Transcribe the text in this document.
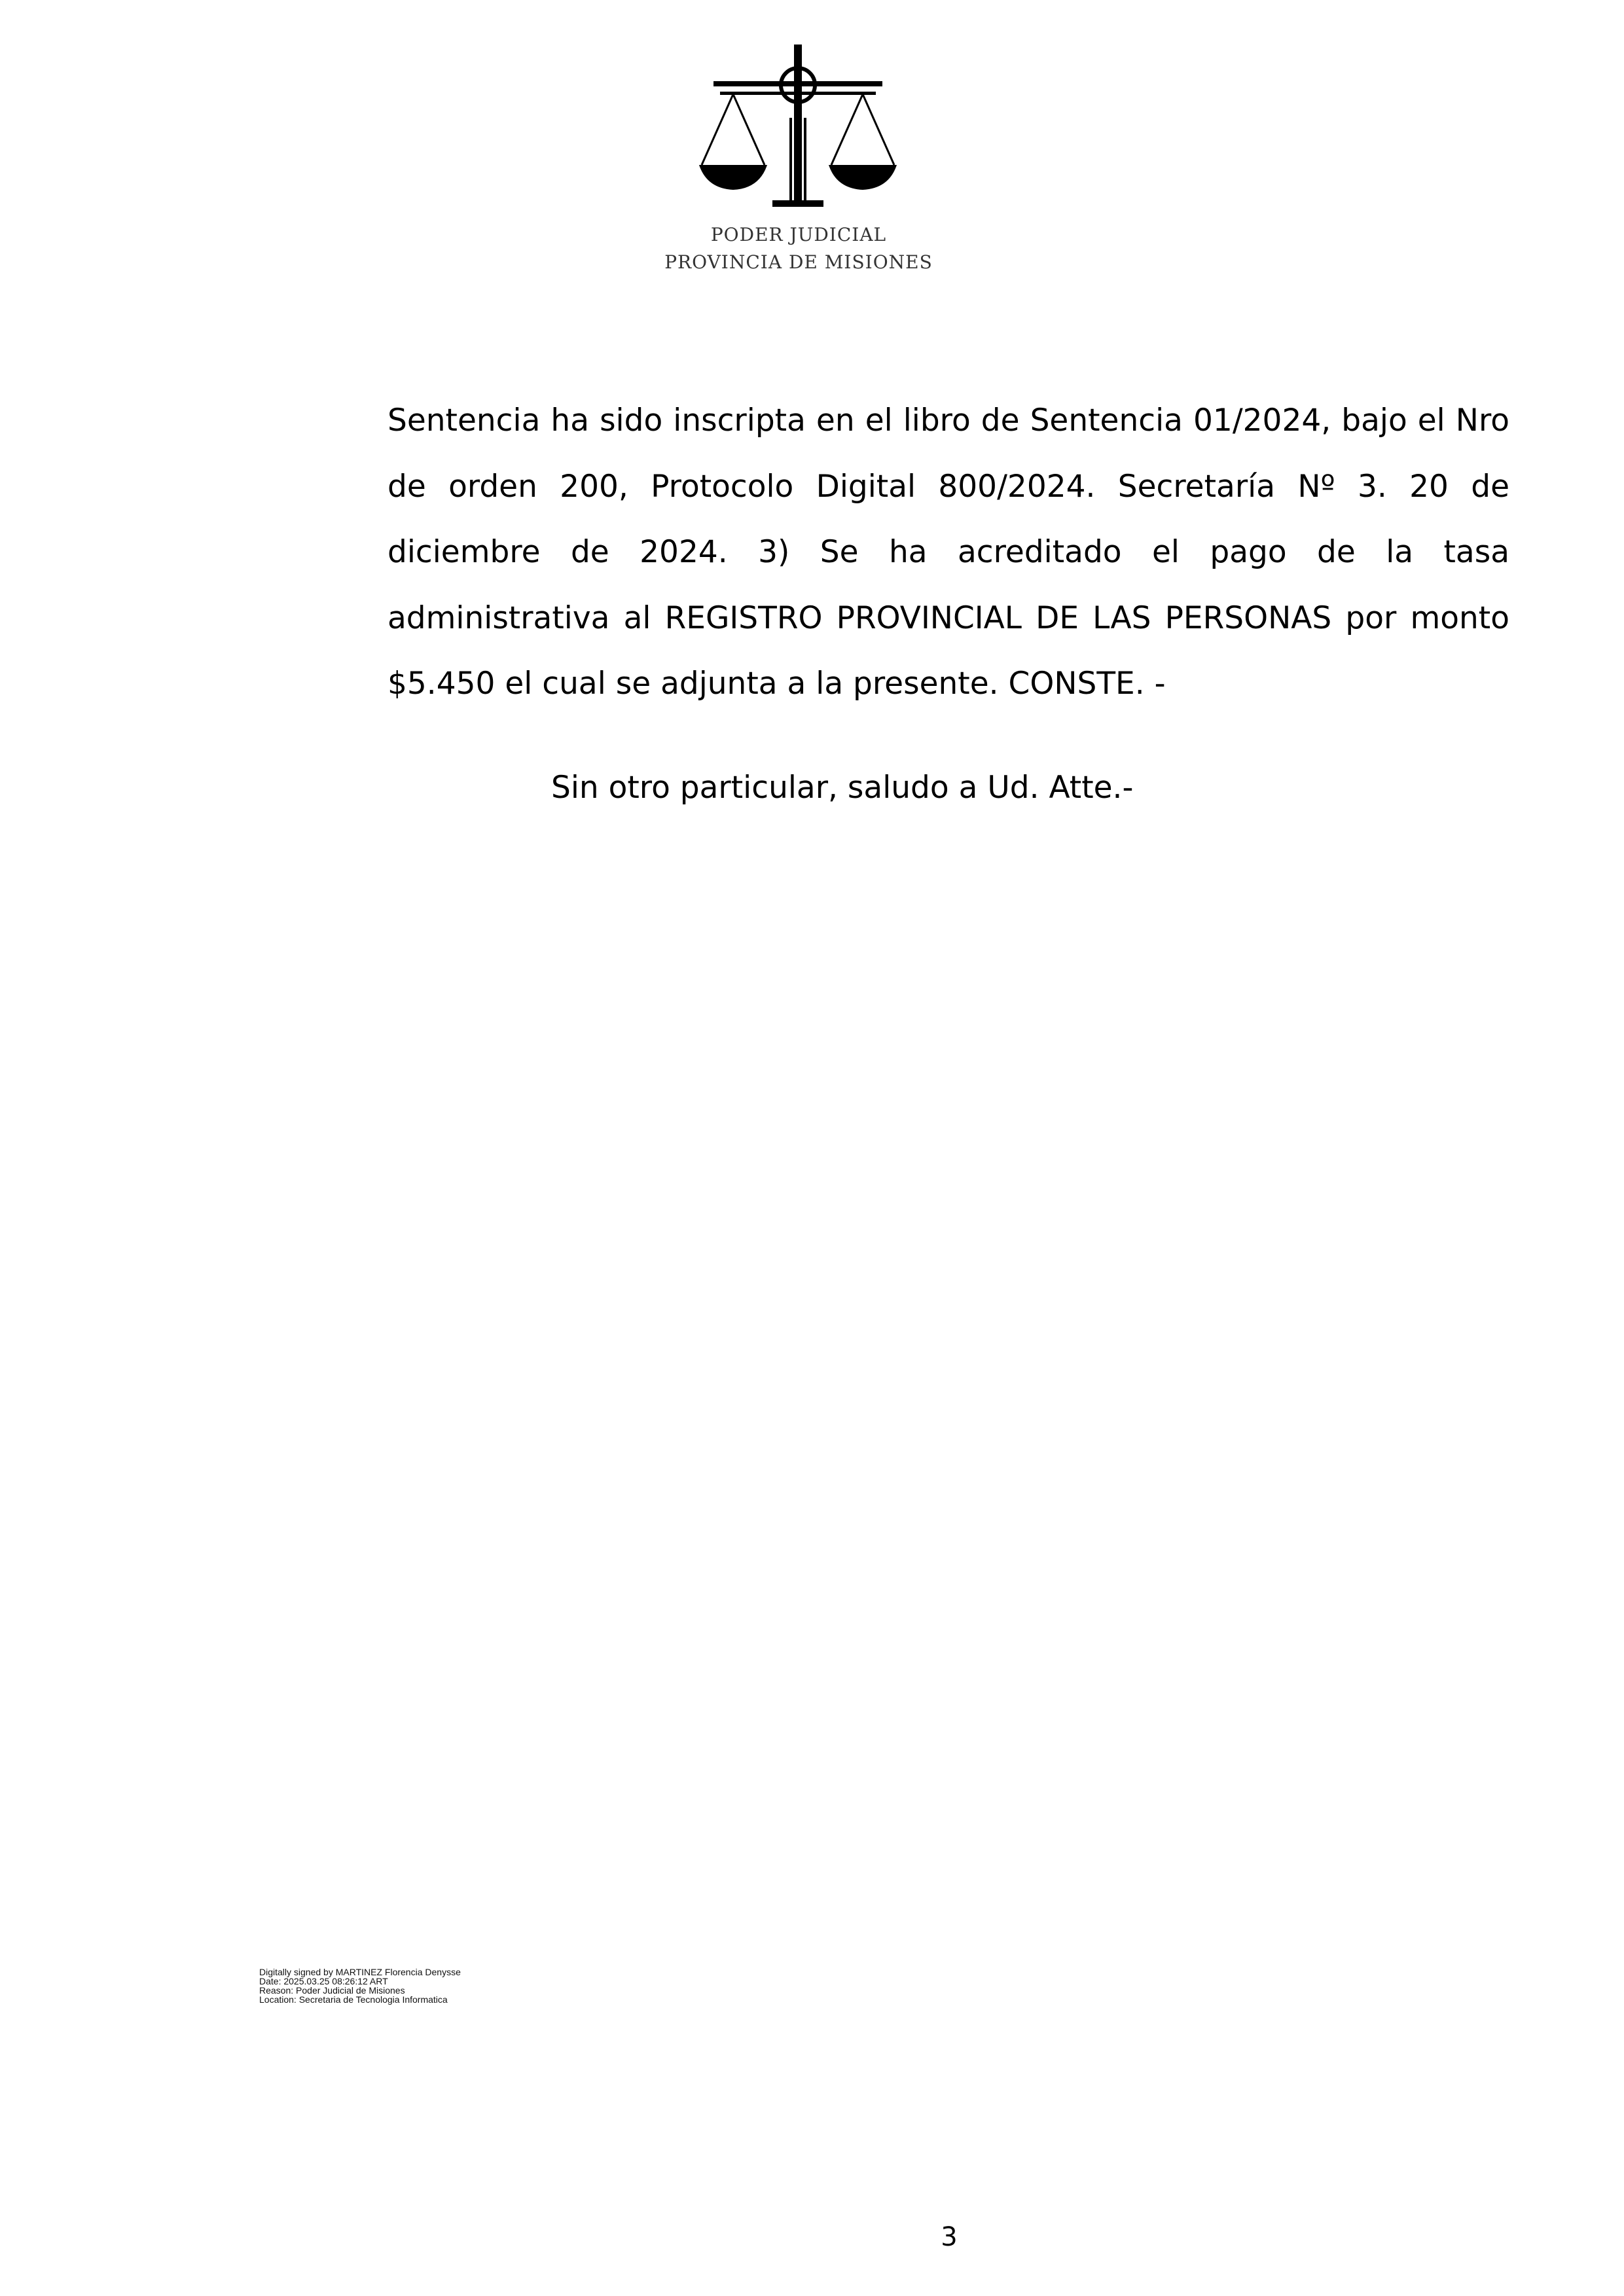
PODER JUDICIAL
PROVINCIA DE MISIONES

Sentencia ha sido inscripta en el libro de Sentencia 01/2024, bajo el Nro de orden 200, Protocolo Digital 800/2024. Secretaría Nº 3. 20 de diciembre de 2024. 3) Se ha acreditado el pago de la tasa administrativa al REGISTRO PROVINCIAL DE LAS PERSONAS por monto $5.450 el cual se adjunta a la presente. CONSTE. -

Sin otro particular, saludo a Ud. Atte.-

Digitally signed by MARTINEZ Florencia Denysse
Date: 2025.03.25 08:26:12 ART
Reason: Poder Judicial de Misiones
Location: Secretaria de Tecnologia Informatica
3
